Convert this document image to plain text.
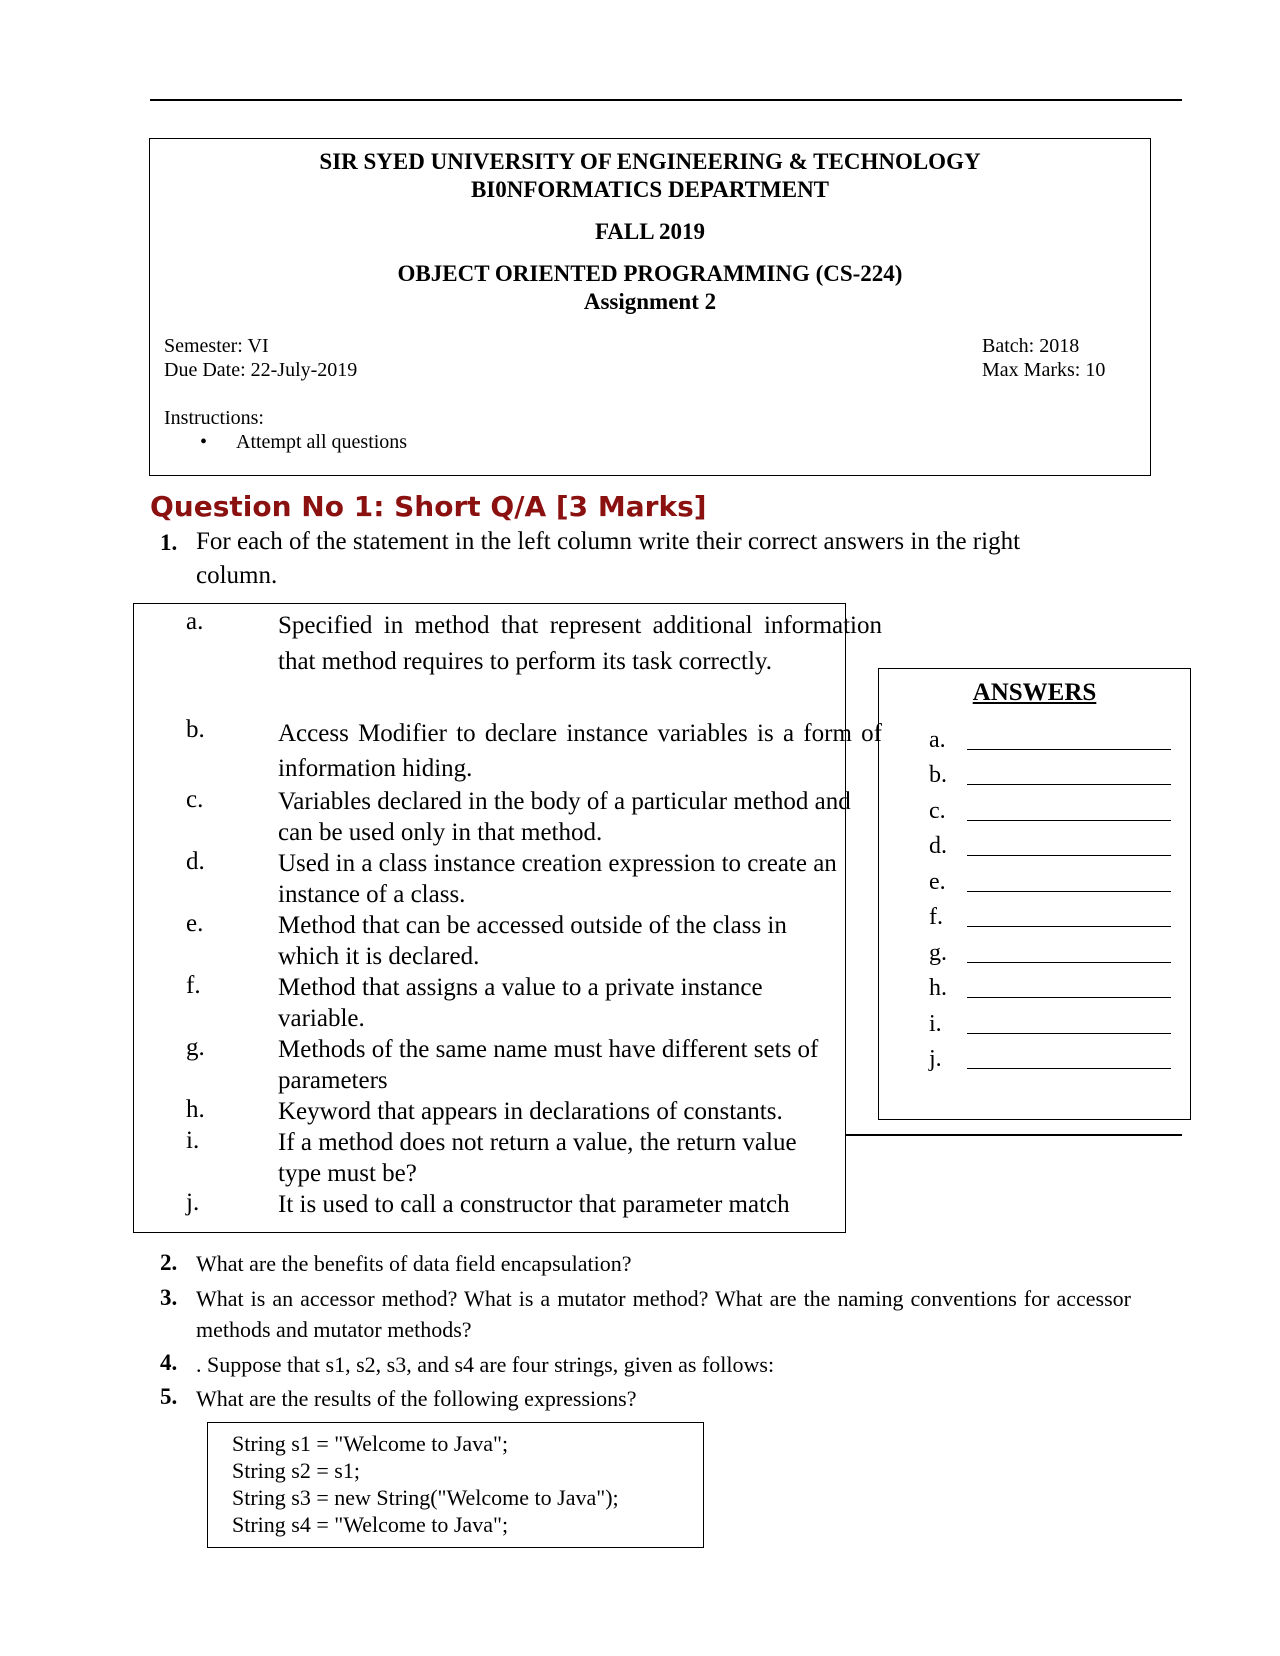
SIR SYED UNIVERSITY OF ENGINEERING & TECHNOLOGY
BI0NFORMATICS DEPARTMENT
FALL 2019
OBJECT ORIENTED PROGRAMMING (CS-224)
Assignment 2
Semester: VI
Due Date: 22-July-2019
Batch: 2018
Max Marks: 10
Instructions:
• Attempt all questions
Question No 1: Short Q/A [3 Marks]
1. For each of the statement in the left column write their correct answers in the right column.
a.	Specified in method that represent additional information that method requires to perform its task correctly.
b.	Access Modifier to declare instance variables is a form of information hiding.
c.	Variables declared in the body of a particular method and can be used only in that method.
d.	Used in a class instance creation expression to create an instance of a class.
e.	Method that can be accessed outside of the class in which it is declared.
f.	Method that assigns a value to a private instance variable.
g.	Methods of the same name must have different sets of parameters
h.	Keyword that appears in declarations of constants.
i.	If a method does not return a value, the return value type must be?
j.	It is used to call a constructor that parameter match
ANSWERS
a.
b.
c.
d.
e.
f.
g.
h.
i.
j.
2. What are the benefits of data field encapsulation?
3. What is an accessor method? What is a mutator method? What are the naming conventions for accessor methods and mutator methods?
4. . Suppose that s1, s2, s3, and s4 are four strings, given as follows:
5. What are the results of the following expressions?
String s1 = "Welcome to Java";
String s2 = s1;
String s3 = new String("Welcome to Java");
String s4 = "Welcome to Java";
